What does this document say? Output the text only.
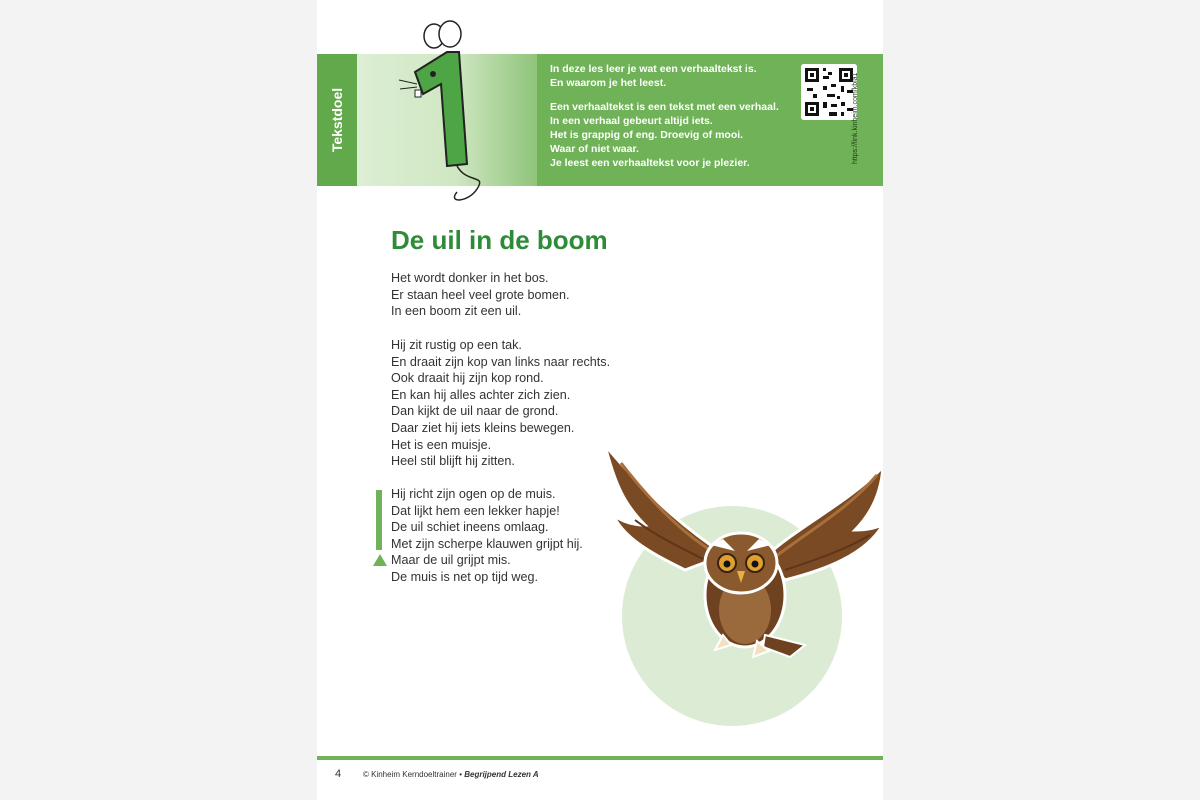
Tekstdoel

In deze les leer je wat een verhaaltekst is.

En waarom je het leest.

Een verhaaltekst is een tekst met een verhaal.

In een verhaal gebeurt altijd iets.

Het is grappig of eng. Droevig of mooi.

Waar of niet waar.

Je leest een verhaaltekst voor je plezier.	https://link.kinheim.com/kbla1
De uil in de boom
Het wordt donker in het bos.
Er staan heel veel grote bomen.
In een boom zit een uil.
Hij zit rustig op een tak.
En draait zijn kop van links naar rechts.
Ook draait hij zijn kop rond.
En kan hij alles achter zich zien.
Dan kijkt de uil naar de grond.
Daar ziet hij iets kleins bewegen.
Het is een muisje.
Heel stil blijft hij zitten.
Hij richt zijn ogen op de muis.
Dat lijkt hem een lekker hapje!
De uil schiet ineens omlaag.
Met zijn scherpe klauwen grijpt hij.
Maar de uil grijpt mis.
De muis is net op tijd weg.
4	© Kinheim Kerndoeltrainer • Begrijpend Lezen A
